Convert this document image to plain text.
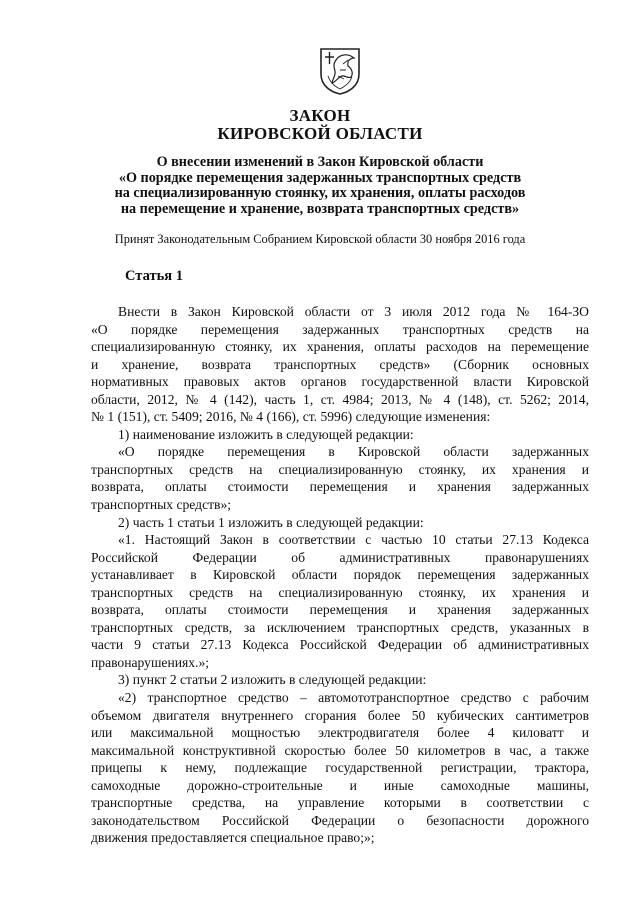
ЗАКОН
КИРОВСКОЙ ОБЛАСТИ
О внесении изменений в Закон Кировской области
«О порядке перемещения задержанных транспортных средств
на специализированную стоянку, их хранения, оплаты расходов
на перемещение и хранение, возврата транспортных средств»
Принят Законодательным Собранием Кировской области 30 ноября 2016 года
Статья 1
Внести в Закон Кировской области от 3 июля 2012 года № 164-ЗО
«О порядке перемещения задержанных транспортных средств на
специализированную стоянку, их хранения, оплаты расходов на перемещение
и хранение, возврата транспортных средств» (Сборник основных
нормативных правовых актов органов государственной власти Кировской
области, 2012, № 4 (142), часть 1, ст. 4984; 2013, № 4 (148), ст. 5262; 2014,
№ 1 (151), ст. 5409; 2016, № 4 (166), ст. 5996) следующие изменения:
1) наименование изложить в следующей редакции:
«О порядке перемещения в Кировской области задержанных
транспортных средств на специализированную стоянку, их хранения и
возврата, оплаты стоимости перемещения и хранения задержанных
транспортных средств»;
2) часть 1 статьи 1 изложить в следующей редакции:
«1. Настоящий Закон в соответствии с частью 10 статьи 27.13 Кодекса
Российской Федерации об административных правонарушениях
устанавливает в Кировской области порядок перемещения задержанных
транспортных средств на специализированную стоянку, их хранения и
возврата, оплаты стоимости перемещения и хранения задержанных
транспортных средств, за исключением транспортных средств, указанных в
части 9 статьи 27.13 Кодекса Российской Федерации об административных
правонарушениях.»;
3) пункт 2 статьи 2 изложить в следующей редакции:
«2) транспортное средство – автомототранспортное средство с рабочим
объемом двигателя внутреннего сгорания более 50 кубических сантиметров
или максимальной мощностью электродвигателя более 4 киловатт и
максимальной конструктивной скоростью более 50 километров в час, а также
прицепы к нему, подлежащие государственной регистрации, трактора,
самоходные дорожно-строительные и иные самоходные машины,
транспортные средства, на управление которыми в соответствии с
законодательством Российской Федерации о безопасности дорожного
движения предоставляется специальное право;»;
